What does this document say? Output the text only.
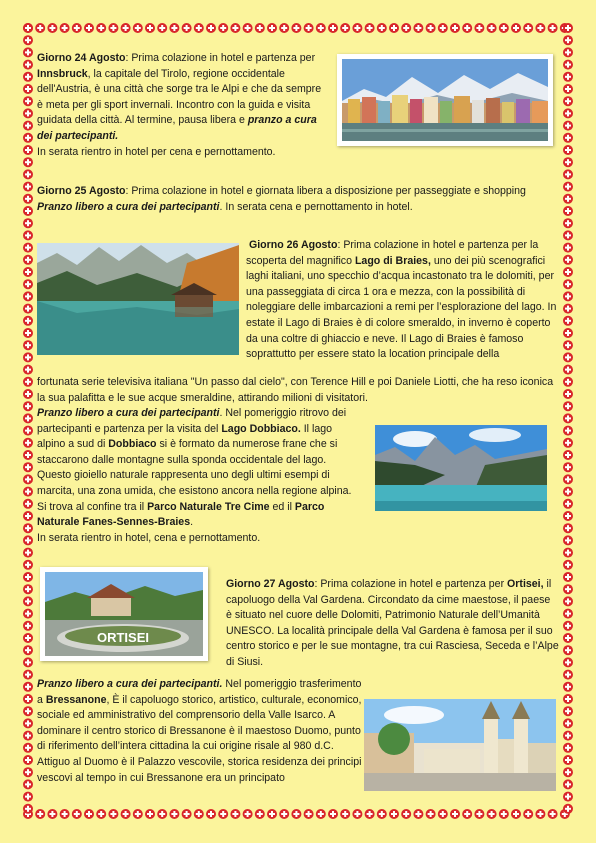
Giorno 24 Agosto: Prima colazione in hotel e partenza per Innsbruck, la capitale del Tirolo, regione occidentale dell'Austria, è una città che sorge tra le Alpi e che da sempre è meta per gli sport invernali. Incontro con la guida e visita guidata della città. Al termine, pausa libera e pranzo a cura dei partecipanti.
In serata rientro in hotel per cena e pernottamento.
Giorno 25 Agosto: Prima colazione in hotel e giornata libera a disposizione per passeggiate e shopping
Pranzo libero a cura dei partecipanti. In serata cena e pernottamento in hotel.
Giorno 26 Agosto: Prima colazione in hotel e partenza per la scoperta del magnifico Lago di Braies, uno dei più scenografici laghi italiani, uno specchio d’acqua incastonato tra le dolomiti, per una passeggiata di circa 1 ora e mezza, con la possibilità di noleggiare delle imbarcazioni a remi per l’esplorazione del lago. In estate il Lago di Braies è di colore smeraldo, in inverno è coperto da una coltre di ghiaccio e neve. Il Lago di Braies è famoso soprattutto per essere stato la location principale della
fortunata serie televisiva italiana "Un passo dal cielo", con Terence Hill e poi Daniele Liotti, che ha reso iconica la sua palafitta e le sue acque smeraldine, attirando milioni di visitatori.
Pranzo libero a cura dei partecipanti. Nel pomeriggio ritrovo dei partecipanti e partenza per la visita del Lago Dobbiaco. Il lago alpino a sud di Dobbiaco si è formato da numerose frane che si staccarono dalle montagne sulla sponda occidentale del lago. Questo gioiello naturale rappresenta uno degli ultimi esempi di marcita, una zona umida, che esistono ancora nella regione alpina. Si trova al confine tra il Parco Naturale Tre Cime ed il Parco Naturale Fanes-Sennes-Braies.
In serata rientro in hotel, cena e pernottamento.
ORTISEI
Giorno 27 Agosto: Prima colazione in hotel e partenza per Ortisei, il capoluogo della Val Gardena. Circondato da cime maestose, il paese è situato nel cuore delle Dolomiti, Patrimonio Naturale dell’Umanità UNESCO. La località principale della Val Gardena è famosa per il suo centro storico e per le sue montagne, tra cui Rasciesa, Seceda e l’Alpe di Siusi.
Pranzo libero a cura dei partecipanti. Nel pomeriggio trasferimento a Bressanone, È il capoluogo storico, artistico, culturale, economico, sociale ed amministrativo del comprensorio della Valle Isarco. A dominare il centro storico di Bressanone è il maestoso Duomo, punto di riferimento dell’intera cittadina la cui origine risale al 980 d.C. Attiguo al Duomo è il Palazzo vescovile, storica residenza dei principi vescovi al tempo in cui Bressanone era un principato
